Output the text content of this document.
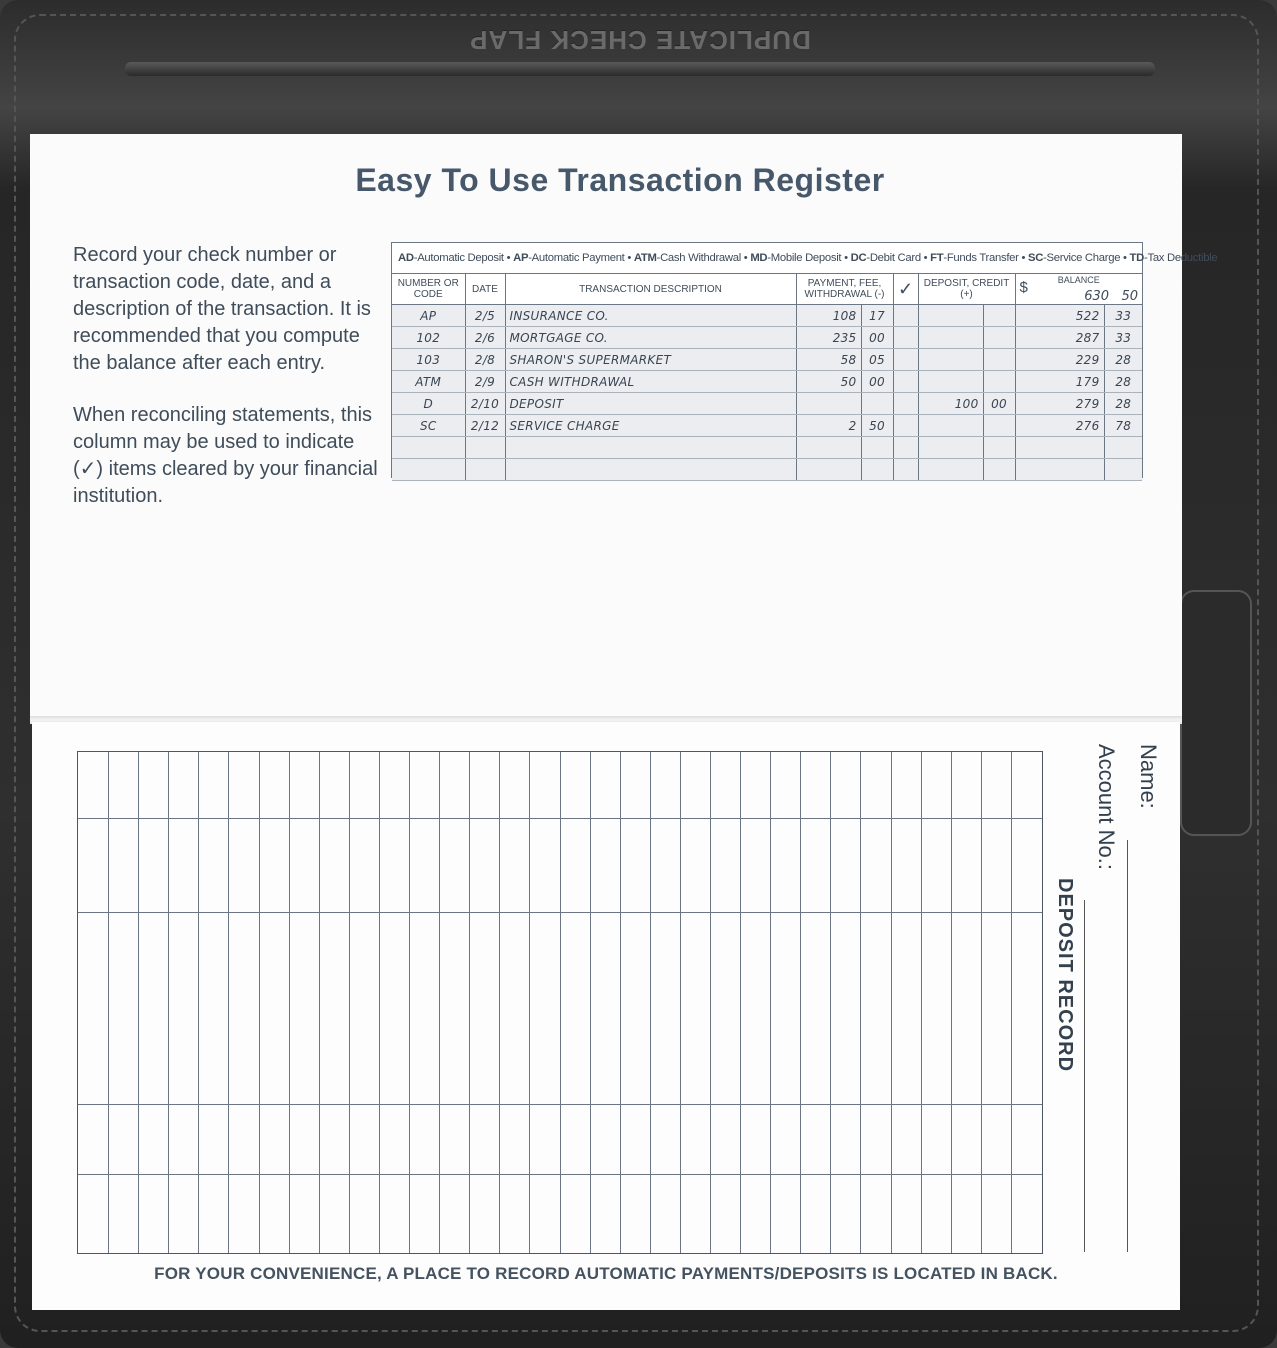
DUPLICATE CHECK FLAP
Easy To Use Transaction Register

Record your check number or transaction code, date, and a description of the transaction. It is recommended that you compute the balance after each entry.

When reconciling statements, this column may be used to indicate (✓) items cleared by your financial institution.

AD-Automatic Deposit • AP-Automatic Payment • ATM-Cash Withdrawal • MD-Mobile Deposit • DC-Debit Card • FT-Funds Transfer • SC-Service Charge • TD-Tax Deductible
NUMBER OR CODE	DATE	TRANSACTION DESCRIPTION	PAYMENT, FEE, WITHDRAWAL (-)		✓	DEPOSIT, CREDIT (+)		$ BALANCE
630 50	

AP	2/5	INSURANCE CO.	108	17				522	33
102	2/6	MORTGAGE CO.	235	00				287	33
103	2/8	SHARON'S SUPERMARKET	58	05				229	28
ATM	2/9	CASH WITHDRAWAL	50	00				179	28
D	2/10	DEPOSIT				100	00	279	28
SC	2/12	SERVICE CHARGE	2	50				276	78

Name:
Account No.:
DEPOSIT RECORD
FOR YOUR CONVENIENCE, A PLACE TO RECORD AUTOMATIC PAYMENTS/DEPOSITS IS LOCATED IN BACK.
